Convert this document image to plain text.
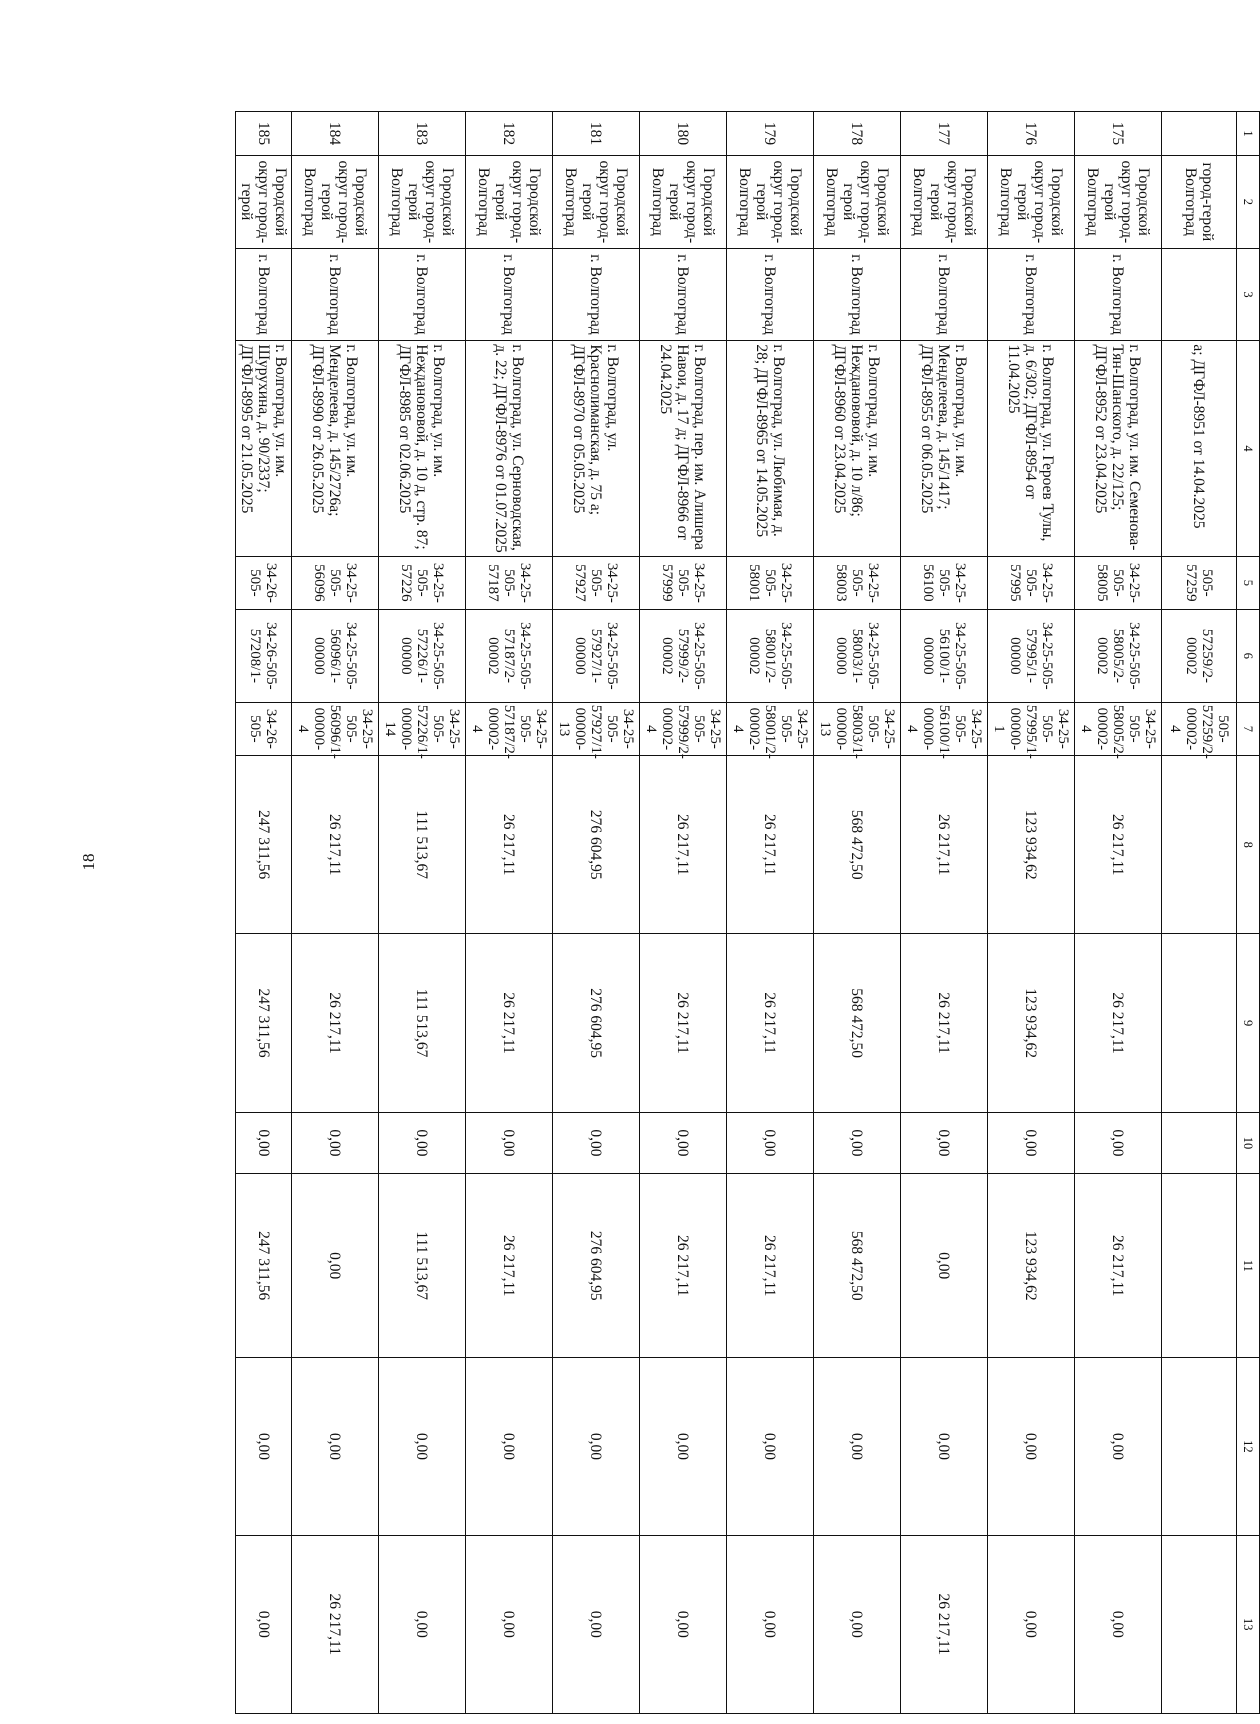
18
1	2	3	4	5	6	7	8	9	10	11	12	13
	город-герой Волгоград		а; ДГФЛ-8951 от 14.04.2025	505-57259	57259/2-00002	505-57259/2-00002-4						
175	Городской округ город-герой Волгоград	г. Волгоград	г. Волгоград, ул. им. Семенова-Тян-Шанского, д. 22/125; ДГФЛ-8952 от 23.04.2025	34-25-505-58005	34-25-505-58005/2-00002	34-25-505-58005/2-00002-4	26 217,11	26 217,11	0,00	26 217,11	0,00	0,00
176	Городской округ город-герой Волгоград	г. Волгоград	г. Волгоград, ул. Героев Тулы, д. 6/302; ДГФЛ-8954 от 11.04.2025	34-25-505-57995	34-25-505-57995/1-00000	34-25-505-57995/1-00000-1	123 934,62	123 934,62	0,00	123 934,62	0,00	0,00
177	Городской округ город-герой Волгоград	г. Волгоград	г. Волгоград, ул. им. Менделеева, д. 145/1417; ДГФЛ-8955 от 06.05.2025	34-25-505-56100	34-25-505-56100/1-00000	34-25-505-56100/1-00000-4	26 217,11	26 217,11	0,00	0,00	0,00	26 217,11
178	Городской округ город-герой Волгоград	г. Волгоград	г. Волгоград, ул. им. Нежданововой, д. 10 л/86; ДГФЛ-8960 от 23.04.2025	34-25-505-58003	34-25-505-58003/1-00000	34-25-505-58003/1-00000-13	568 472,50	568 472,50	0,00	568 472,50	0,00	0,00
179	Городской округ город-герой Волгоград	г. Волгоград	г. Волгоград, ул. Любимая, д. 28; ДГФЛ-8965 от 14.05.2025	34-25-505-58001	34-25-505-58001/2-00002	34-25-505-58001/2-00002-4	26 217,11	26 217,11	0,00	26 217,11	0,00	0,00
180	Городской округ город-герой Волгоград	г. Волгоград	г. Волгоград, пер. им. Алишера Навои, д. 17 д; ДГФЛ-8966 от 24.04.2025	34-25-505-57999	34-25-505-57999/2-00002	34-25-505-57999/2-00002-4	26 217,11	26 217,11	0,00	26 217,11	0,00	0,00
181	Городской округ город-герой Волгоград	г. Волгоград	г. Волгоград, ул. Краснолиманская, д. 75 а; ДГФЛ-8970 от 05.05.2025	34-25-505-57927	34-25-505-57927/1-00000	34-25-505-57927/1-00000-13	276 604,95	276 604,95	0,00	276 604,95	0,00	0,00
182	Городской округ город-герой Волгоград	г. Волгоград	г. Волгоград, ул. Серноводская, д. 22; ДГФЛ-8976 от 01.07.2025	34-25-505-57187	34-25-505-57187/2-00002	34-25-505-57187/2-00002-4	26 217,11	26 217,11	0,00	26 217,11	0,00	0,00
183	Городской округ город-герой Волгоград	г. Волгоград	г. Волгоград, ул. им. Нежданововой, д. 10 д, стр. 87; ДГФЛ-8985 от 02.06.2025	34-25-505-57226	34-25-505-57226/1-00000	34-25-505-57226/1-00000-14	111 513,67	111 513,67	0,00	111 513,67	0,00	0,00
184	Городской округ город-герой Волгоград	г. Волгоград	г. Волгоград, ул. им. Менделеева, д. 145/2726а; ДГФЛ-8990 от 26.05.2025	34-25-505-56096	34-25-505-56096/1-00000	34-25-505-56096/1-00000-4	26 217,11	26 217,11	0,00	0,00	0,00	26 217,11
185	Городской округ город-герой	г. Волгоград	г. Волгоград, ул. им. Шурухина, д. 90/2337; ДГФЛ-8995 от 21.05.2025	34-26-505-	34-26-505-57208/1-	34-26-505-	247 311,56	247 311,56	0,00	247 311,56	0,00	0,00
